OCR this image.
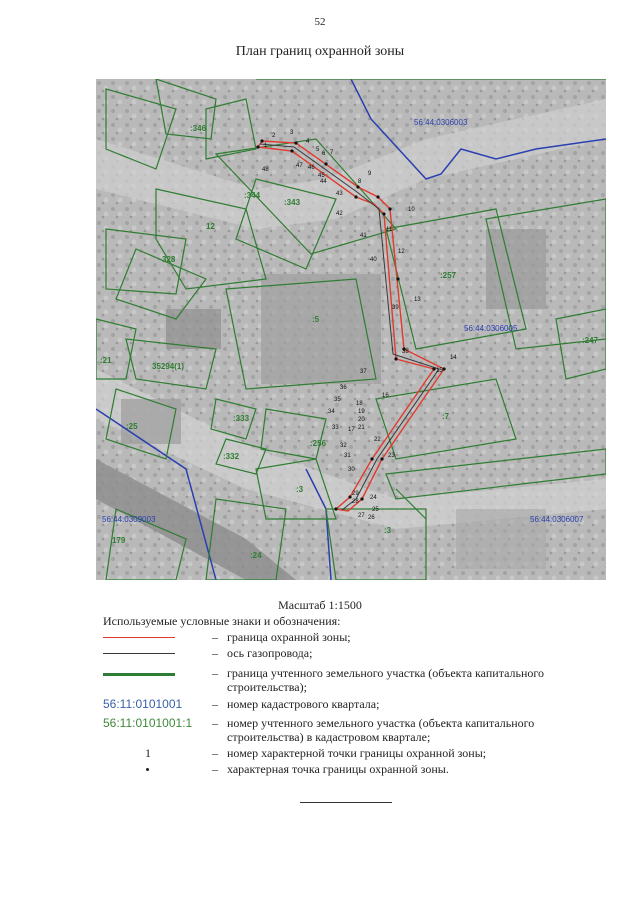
52
План границ охранной зоны
56:44:0306003
56:44:0306005
56:44:0309003	56:44:0306007
:346
:344
:343
12
328
:5
:257
:247
:21
35294(1)
:25
:333
:332
:256
:7
:3
:3
179
:24
1
2 3
4
5
6 7
8
9
10
11
12
13
14
15
16
17
18
19
20
21
22
23
24
25
26
27
28
29
30
31
32
33
34
35
36
37
38
39
40
41
42
43
44
45
46
47
48
Масштаб 1:1500
Используемые условные знаки и обозначения:
– граница охранной зоны;
– ось газопровода;
– граница учтенного земельного участка (объекта капитального строительства);
56:11:0101001	– номер кадастрового квартала;
56:11:0101001:1	– номер учтенного земельного участка (объекта капитального строительства) в кадастровом квартале;
1	– номер характерной точки границы охранной зоны;
– характерная точка границы охранной зоны.
